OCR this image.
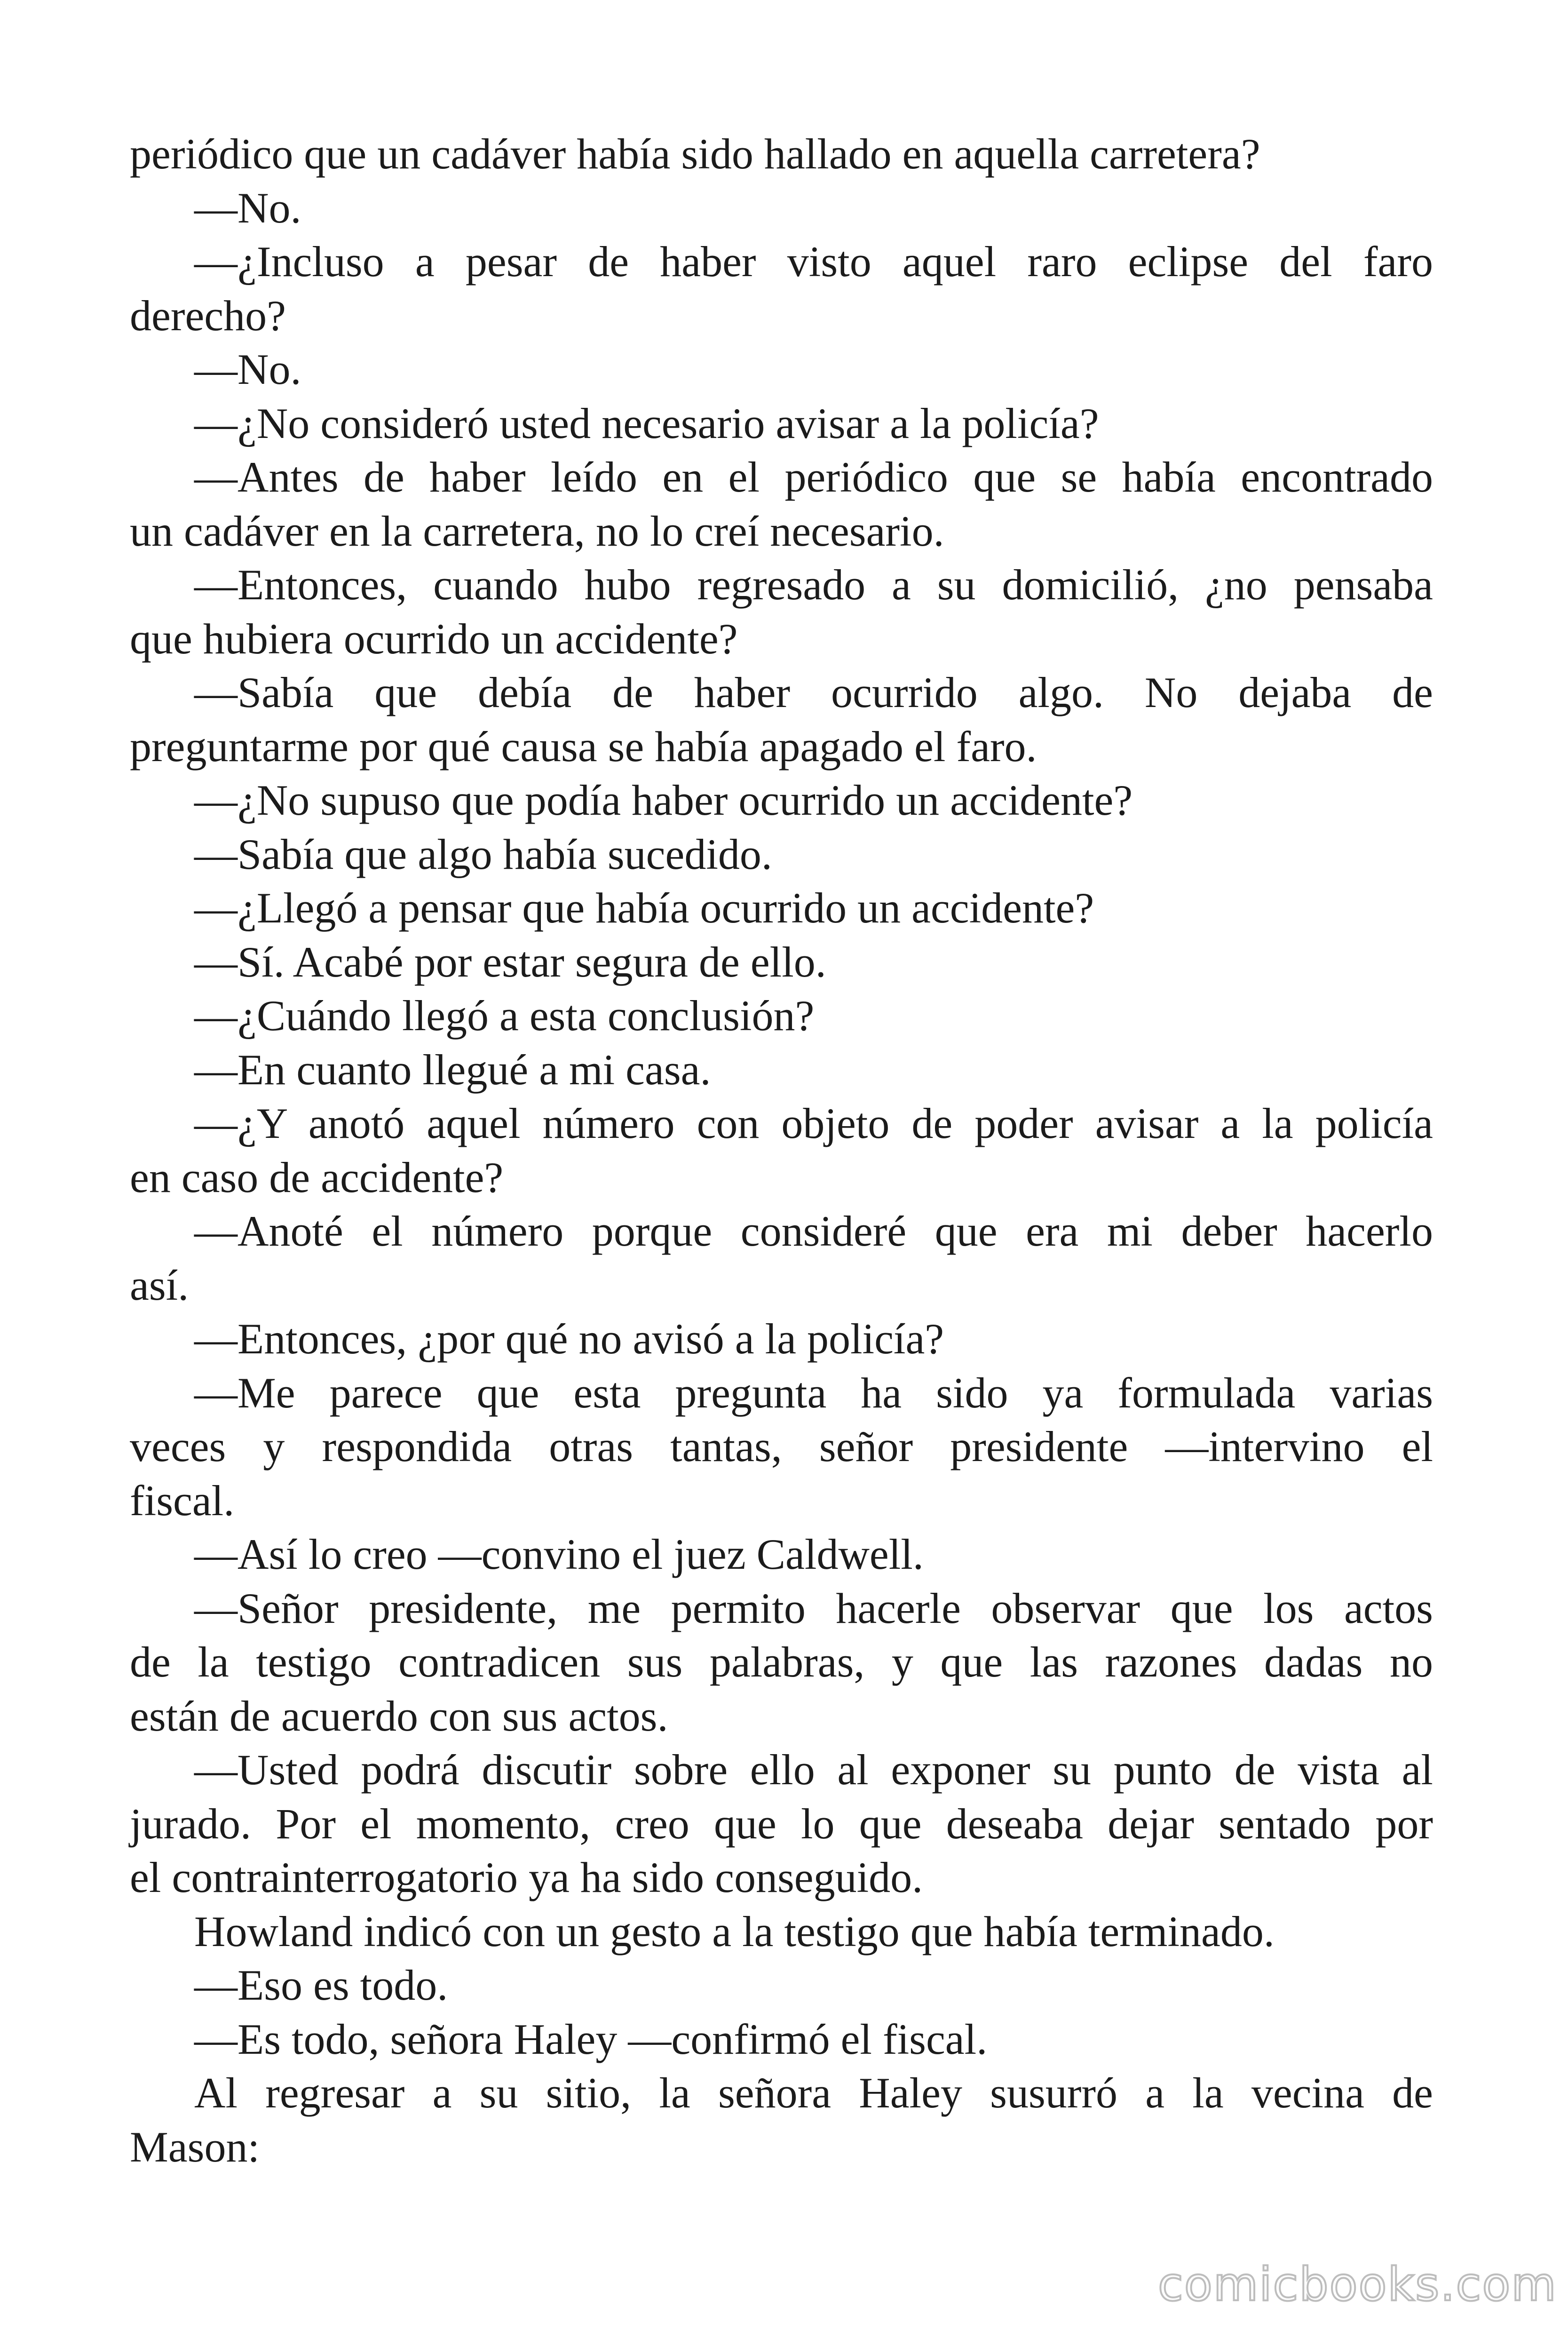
periódico que un cadáver había sido hallado en aquella carretera?
—No.
—¿Incluso a pesar de haber visto aquel raro eclipse del faro
derecho?
—No.
—¿No consideró usted necesario avisar a la policía?
—Antes de haber leído en el periódico que se había encontrado
un cadáver en la carretera, no lo creí necesario.
—Entonces, cuando hubo regresado a su domicilió, ¿no pensaba
que hubiera ocurrido un accidente?
—Sabía que debía de haber ocurrido algo. No dejaba de
preguntarme por qué causa se había apagado el faro.
—¿No supuso que podía haber ocurrido un accidente?
—Sabía que algo había sucedido.
—¿Llegó a pensar que había ocurrido un accidente?
—Sí. Acabé por estar segura de ello.
—¿Cuándo llegó a esta conclusión?
—En cuanto llegué a mi casa.
—¿Y anotó aquel número con objeto de poder avisar a la policía
en caso de accidente?
—Anoté el número porque consideré que era mi deber hacerlo
así.
—Entonces, ¿por qué no avisó a la policía?
—Me parece que esta pregunta ha sido ya formulada varias
veces y respondida otras tantas, señor presidente —intervino el
fiscal.
—Así lo creo —convino el juez Caldwell.
—Señor presidente, me permito hacerle observar que los actos
de la testigo contradicen sus palabras, y que las razones dadas no
están de acuerdo con sus actos.
—Usted podrá discutir sobre ello al exponer su punto de vista al
jurado. Por el momento, creo que lo que deseaba dejar sentado por
el contrainterrogatorio ya ha sido conseguido.
Howland indicó con un gesto a la testigo que había terminado.
—Eso es todo.
—Es todo, señora Haley —confirmó el fiscal.
Al regresar a su sitio, la señora Haley susurró a la vecina de
Mason:
comicbooks.com
